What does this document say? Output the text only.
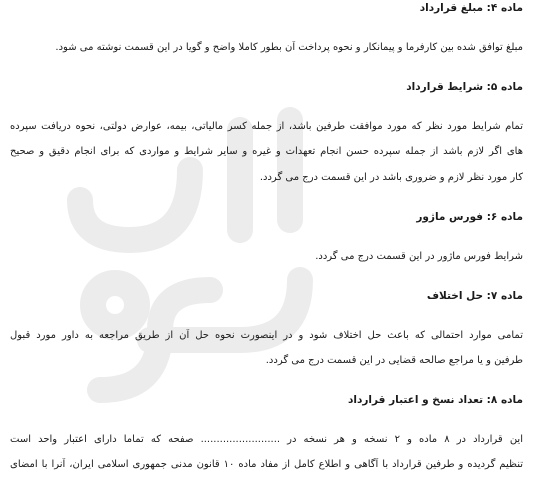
ماده ۴: مبلغ قرارداد

مبلغ توافق شده بین کارفرما و پیمانکار و نحوه پرداخت آن بطور کاملا واضح و گویا در این قسمت نوشته می شود.

ماده ۵: شرایط قرارداد

تمام شرایط مورد نظر که مورد موافقت طرفین باشد، از جمله کسر مالیاتی، بیمه، عوارض دولتی، نحوه دریافت سپرده

های اگر لازم باشد از جمله سپرده حسن انجام تعهدات و غیره و سایر شرایط و مواردی که برای انجام دقیق و صحیح

کار مورد نظر لازم و ضروری باشد در این قسمت درج می گردد.

ماده ۶: فورس ماژور

شرایط فورس ماژور در این قسمت درج می گردد.

ماده ۷: حل اختلاف

تمامی موارد احتمالی که باعث حل اختلاف شود و در اینصورت نحوه حل آن از طریق مراجعه به داور مورد قبول

طرفین و یا مراجع صالحه قضایی در این قسمت درج می گردد.

ماده ۸: تعداد نسخ و اعتبار قرارداد

این قرارداد در ۸ ماده و ۲ نسخه و هر نسخه در ......................... صفحه که تماما دارای اعتبار واحد است

تنظیم گردیده و طرفین قرارداد با آگاهی و اطلاع کامل از مفاد ماده ۱۰ قانون مدنی جمهوری اسلامی ایران، آنرا با امضای
